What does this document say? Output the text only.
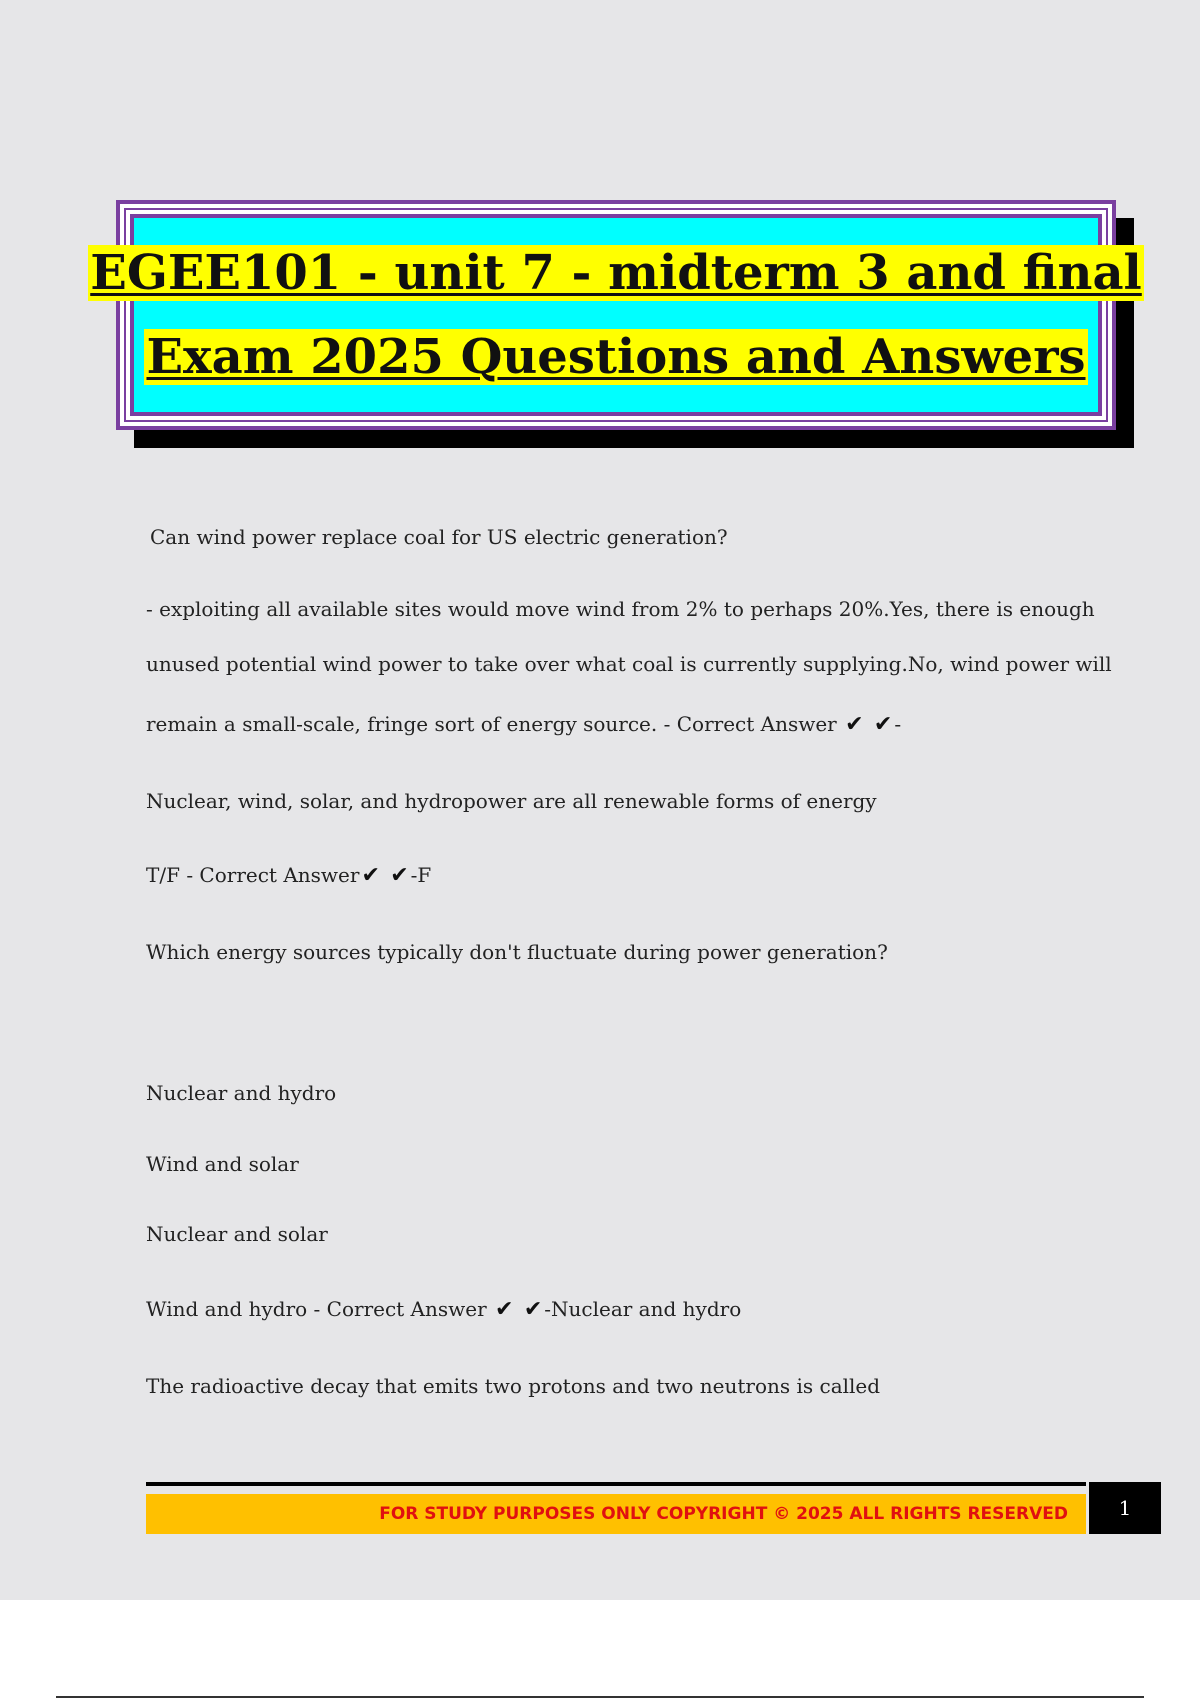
EGEE101 - unit 7 - midterm 3 and final
Exam 2025 Questions and Answers
Can wind power replace coal for US electric generation?
- exploiting all available sites would move wind from 2% to perhaps 20%.Yes, there is enough
unused potential wind power to take over what coal is currently supplying.No, wind power will
remain a small-scale, fringe sort of energy source. - Correct Answer ✔ ✔ -
Nuclear, wind, solar, and hydropower are all renewable forms of energy
T/F - Correct Answer✔ ✔ -F
Which energy sources typically don't fluctuate during power generation?
Nuclear and hydro
Wind and solar
Nuclear and solar
Wind and hydro - Correct Answer ✔ ✔ -Nuclear and hydro
The radioactive decay that emits two protons and two neutrons is called
FOR STUDY PURPOSES ONLY COPYRIGHT © 2025 ALL RIGHTS RESERVED	1
